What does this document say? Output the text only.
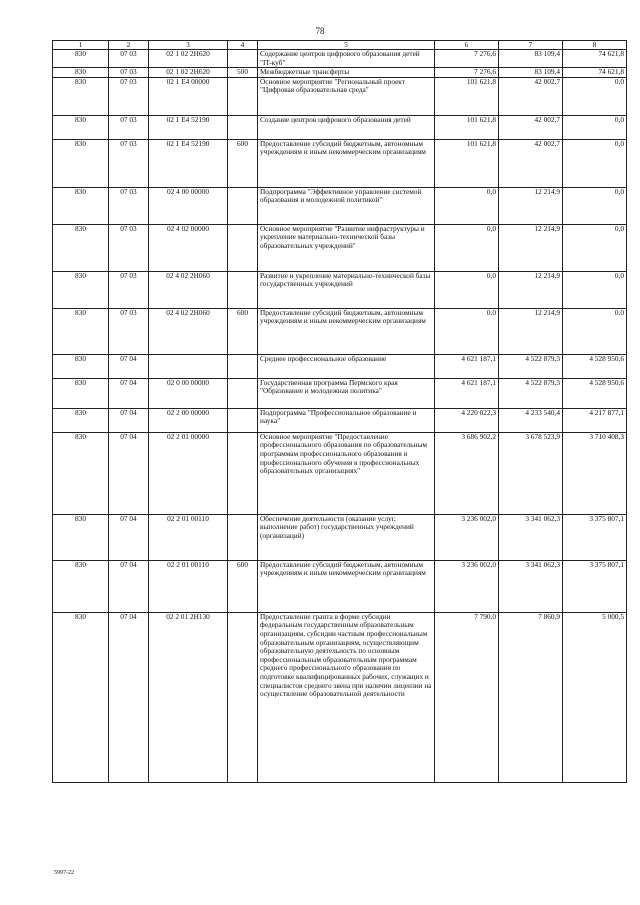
78
1	2	3	4	5	6	7	8
830	07 03	02 1 02 2Н620		Содержание центров цифрового образования детей "IT-куб"	7 276,6	83 109,4	74 621,8
830	07 03	02 1 02 2Н620	500	Межбюджетные трансферты	7 276,6	83 109,4	74 621,8
830	07 03	02 1 Е4 00000		Основное мероприятие "Региональный проект "Цифровая образовательная среда"	101 621,8	42 002,7	0,0
830	07 03	02 1 Е4 52190		Создание центров цифрового образования детей	101 621,8	42 002,7	0,0
830	07 03	02 1 Е4 52190	600	Предоставление субсидий бюджетным, автономным учреждениям и иным некоммерческим организациям	101 621,8	42 002,7	0,0
830	07 03	02 4 00 00000		Подпрограмма "Эффективное управление системой образования и молодежной политикой"	0,0	12 214,9	0,0
830	07 03	02 4 02 00000		Основное мероприятие "Развитие инфраструктуры и укрепление материально-технической базы образовательных учреждений"	0,0	12 214,9	0,0
830	07 03	02 4 02 2Н060		Развитие и укрепление материально-технической базы государственных учреждений	0,0	12 214,9	0,0
830	07 03	02 4 02 2Н060	600	Предоставление субсидий бюджетным, автономным учреждениям и иным некоммерческим организациям	0,0	12 214,9	0,0
830	07 04			Среднее профессиональное образование	4 621 187,1	4 522 879,3	4 528 950,6
830	07 04	02 0 00 00000		Государственная программа Пермского края "Образование и молодежная политика"	4 621 187,1	4 522 879,3	4 528 950,6
830	07 04	02 2 00 00000		Подпрограмма "Профессиональное образование и наука"	4 220 022,3	4 233 540,4	4 217 877,1
830	07 04	02 2 01 00000		Основное мероприятие "Предоставление профессионального образования по образовательным программам профессионального образования и профессионального обучения в профессиональных образовательных организациях"	3 686 902,2	3 678 523,9	3 710 408,3
830	07 04	02 2 01 00110		Обеспечение деятельности (оказание услуг, выполнение работ) государственных учреждений (организаций)	3 236 002,0	3 341 062,3	3 375 807,1
830	07 04	02 2 01 00110	600	Предоставление субсидий бюджетным, автономным учреждениям и иным некоммерческим организациям	3 236 002,0	3 341 062,3	3 375 807,1
830	07 04	02 2 01 2Н130		Предоставление гранта в форме субсидии федеральным государственным образовательным организациям, субсидии частным профессиональным образовательным организациям, осуществляющим образовательную деятельность по основным профессиональным образовательным программам среднего профессионального образования по подготовке квалифицированных рабочих, служащих и специалистов среднего звена при наличии лицензии на осуществление образовательной деятельности	7 790,0	7 860,9	5 000,5
5997-22
